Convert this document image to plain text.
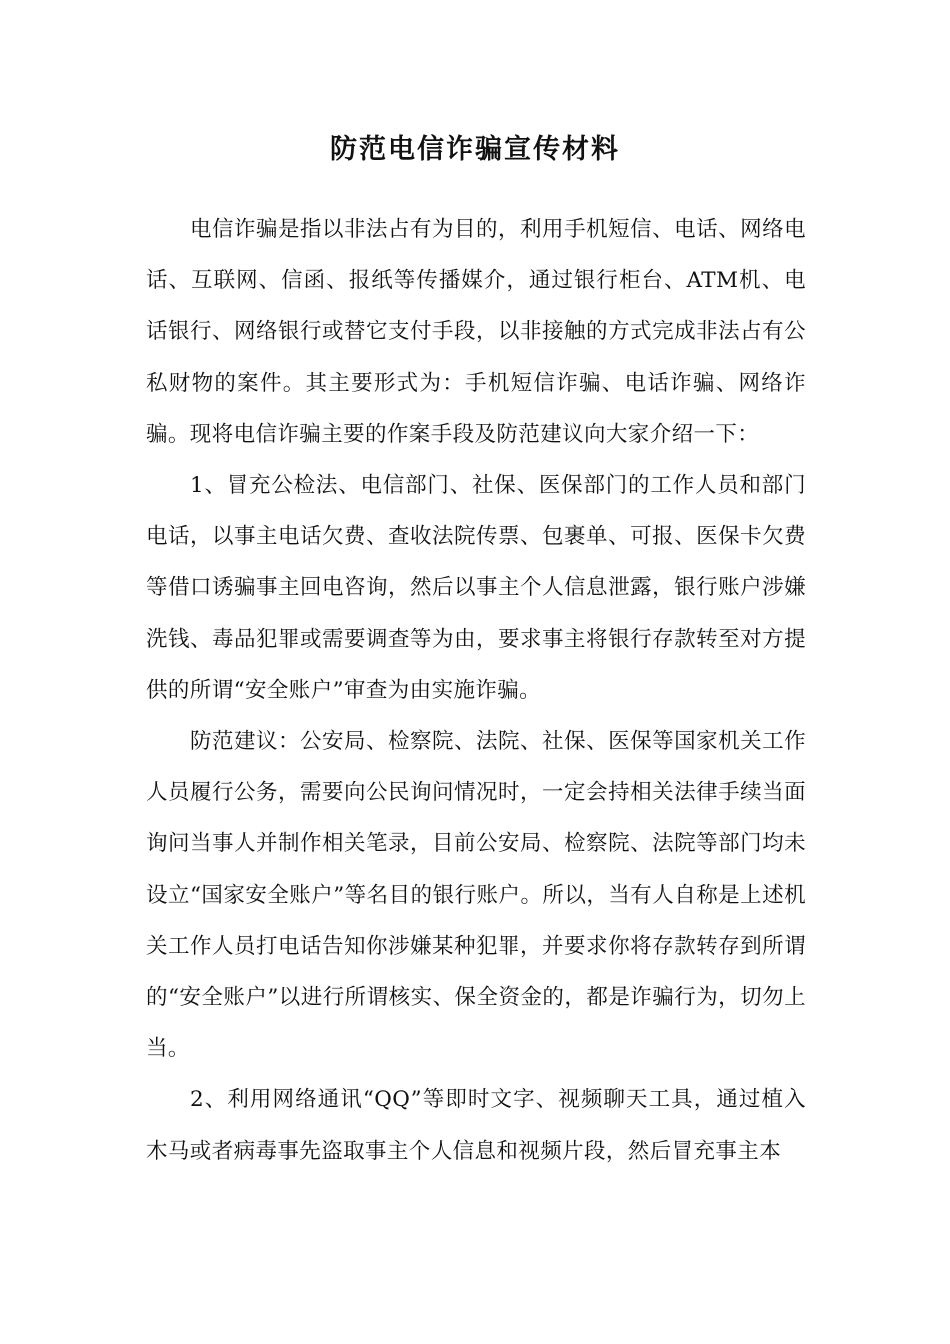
防范电信诈骗宣传材料

电信诈骗是指以非法占有为目的，利用手机短信、电话、网络电话、互联网、信函、报纸等传播媒介，通过银行柜台、ATM机、电话银行、网络银行或替它支付手段，以非接触的方式完成非法占有公私财物的案件。其主要形式为：手机短信诈骗、电话诈骗、网络诈骗。现将电信诈骗主要的作案手段及防范建议向大家介绍一下：

1、冒充公检法、电信部门、社保、医保部门的工作人员和部门电话，以事主电话欠费、查收法院传票、包裹单、可报、医保卡欠费等借口诱骗事主回电咨询，然后以事主个人信息泄露，银行账户涉嫌洗钱、毒品犯罪或需要调查等为由，要求事主将银行存款转至对方提供的所谓“安全账户”审查为由实施诈骗。

防范建议：公安局、检察院、法院、社保、医保等国家机关工作人员履行公务，需要向公民询问情况时，一定会持相关法律手续当面询问当事人并制作相关笔录，目前公安局、检察院、法院等部门均未设立“国家安全账户”等名目的银行账户。所以，当有人自称是上述机关工作人员打电话告知你涉嫌某种犯罪，并要求你将存款转存到所谓的“安全账户”以进行所谓核实、保全资金的，都是诈骗行为，切勿上当。

2、利用网络通讯“QQ”等即时文字、视频聊天工具，通过植入木马或者病毒事先盗取事主个人信息和视频片段，然后冒充事主本
